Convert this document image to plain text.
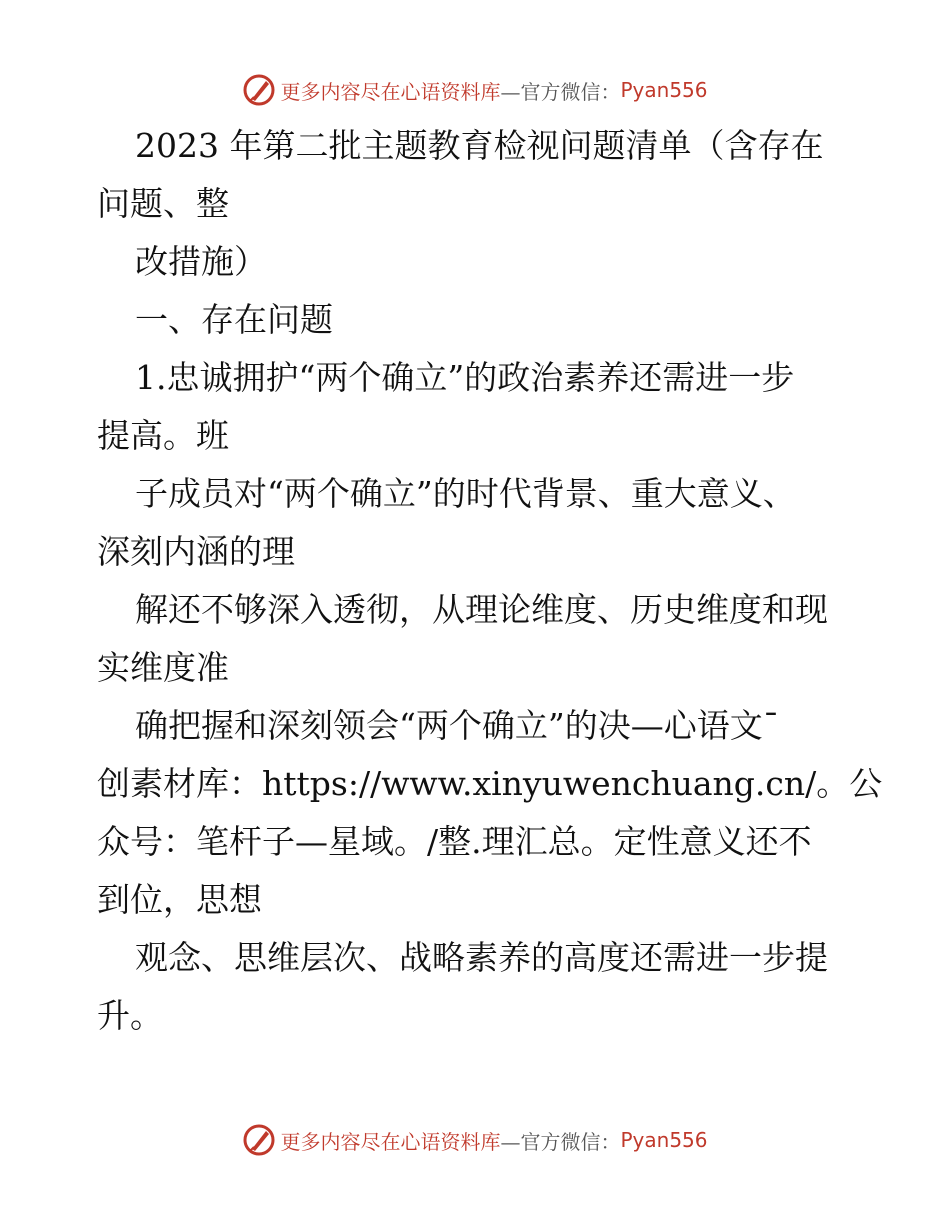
更多内容尽在心语资料库 —官方微信： Pyan556
2023 年第二批主题教育检视问题清单（含存在
问题、整
改措施）
一、存在问题
1.忠诚拥护“两个确立”的政治素养还需进一步
提高。班
子成员对“两个确立”的时代背景、重大意义、
深刻内涵的理
解还不够深入透彻，从理论维度、历史维度和现
实维度准
确把握和深刻领会“两个确立”的决—心语文¯
创素材库：https://www.xinyuwenchuang.cn/。公
众号：笔杆子—星域。/整.理汇总。定性意义还不
到位，思想
观念、思维层次、战略素养的高度还需进一步提
升。
更多内容尽在心语资料库 —官方微信： Pyan556
